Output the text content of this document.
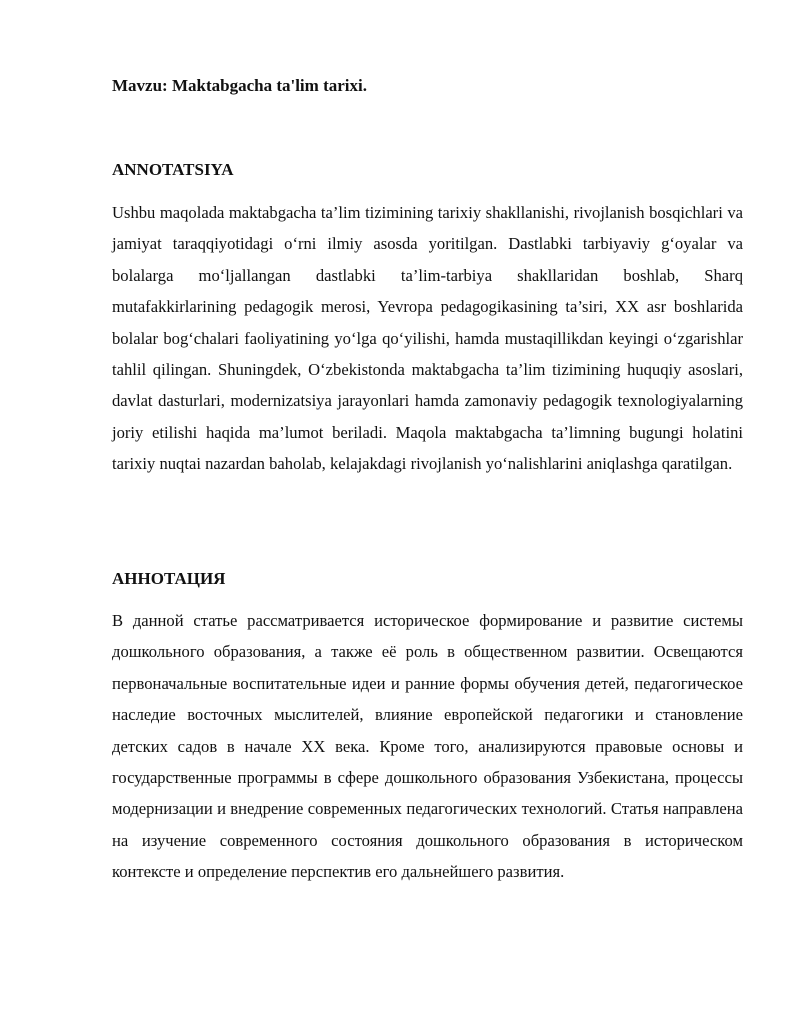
Mavzu: Maktabgacha ta'lim tarixi.

ANNOTATSIYA

Ushbu maqolada maktabgacha ta’lim tizimining tarixiy shakllanishi, rivojlanish bosqichlari va jamiyat taraqqiyotidagi o‘rni ilmiy asosda yoritilgan. Dastlabki tarbiyaviy g‘oyalar va bolalarga mo‘ljallangan dastlabki ta’lim-tarbiya shakllaridan boshlab, Sharq mutafakkirlarining pedagogik merosi, Yevropa pedagogikasining ta’siri, XX asr boshlarida bolalar bog‘chalari faoliyatining yo‘lga qo‘yilishi, hamda mustaqillikdan keyingi o‘zgarishlar tahlil qilingan. Shuningdek, O‘zbekistonda maktabgacha ta’lim tizimining huquqiy asoslari, davlat dasturlari, modernizatsiya jarayonlari hamda zamonaviy pedagogik texnologiyalarning joriy etilishi haqida ma’lumot beriladi. Maqola maktabgacha ta’limning bugungi holatini tarixiy nuqtai nazardan baholab, kelajakdagi rivojlanish yo‘nalishlarini aniqlashga qaratilgan.

АННОТАЦИЯ

В данной статье рассматривается историческое формирование и развитие системы дошкольного образования, а также её роль в общественном развитии. Освещаются первоначальные воспитательные идеи и ранние формы обучения детей, педагогическое наследие восточных мыслителей, влияние европейской педагогики и становление детских садов в начале XX века. Кроме того, анализируются правовые основы и государственные программы в сфере дошкольного образования Узбекистана, процессы модернизации и внедрение современных педагогических технологий. Статья направлена на изучение современного состояния дошкольного образования в историческом контексте и определение перспектив его дальнейшего развития.
